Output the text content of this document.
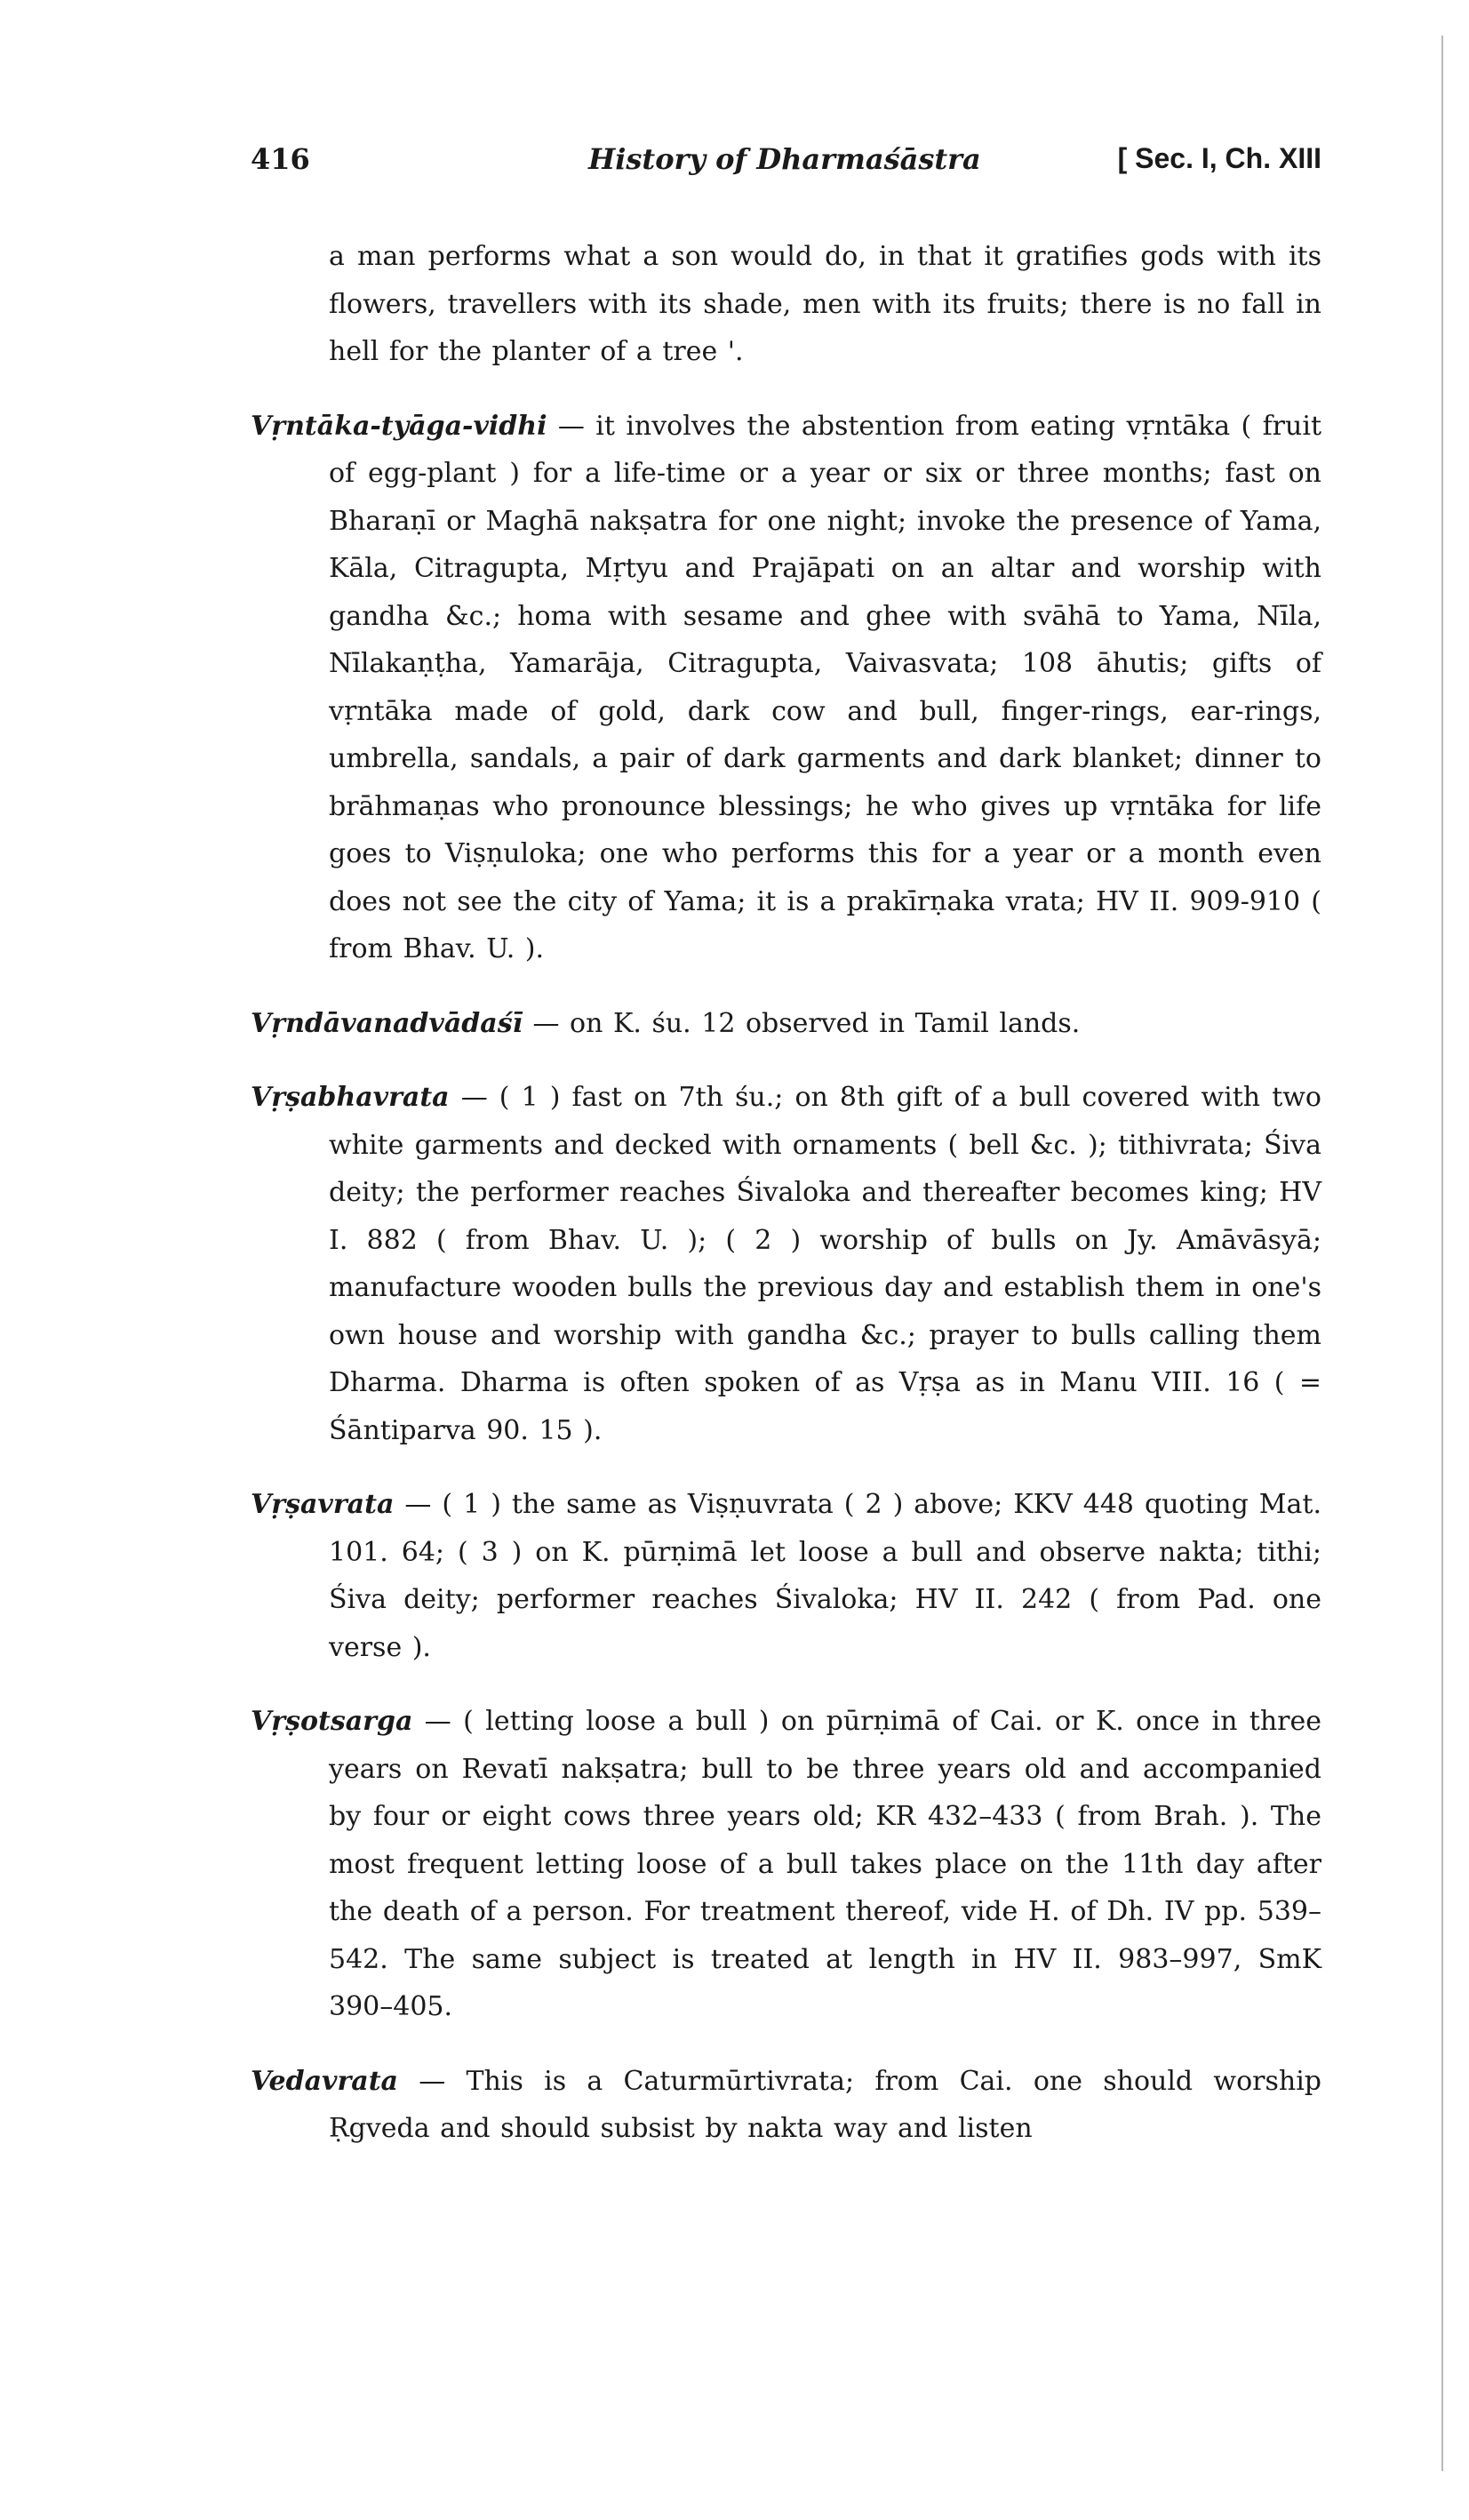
416	History of Dharmaśāstra	[ Sec. I, Ch. XIII

a man performs what a son would do, in that it gratifies gods with its flowers, travellers with its shade, men with its fruits; there is no fall in hell for the planter of a tree '.

Vṛntāka-tyāga-vidhi — it involves the abstention from eating vṛntāka ( fruit of egg-plant ) for a life-time or a year or six or three months; fast on Bharaṇī or Maghā nakṣatra for one night; invoke the presence of Yama, Kāla, Citragupta, Mṛtyu and Prajāpati on an altar and worship with gandha &c.; homa with sesame and ghee with svāhā to Yama, Nīla, Nīlakaṇṭha, Yamarāja, Citragupta, Vaivasvata; 108 āhutis; gifts of vṛntāka made of gold, dark cow and bull, finger-rings, ear-rings, umbrella, sandals, a pair of dark garments and dark blanket; dinner to brāhmaṇas who pronounce blessings; he who gives up vṛntāka for life goes to Viṣṇuloka; one who performs this for a year or a month even does not see the city of Yama; it is a prakīrṇaka vrata; HV II. 909-910 ( from Bhav. U. ).

Vṛndāvanadvādaśī — on K. śu. 12 observed in Tamil lands.

Vṛṣabhavrata — ( 1 ) fast on 7th śu.; on 8th gift of a bull covered with two white garments and decked with ornaments ( bell &c. ); tithivrata; Śiva deity; the performer reaches Śivaloka and thereafter becomes king; HV I. 882 ( from Bhav. U. ); ( 2 ) worship of bulls on Jy. Amāvāsyā; manufacture wooden bulls the previous day and establish them in one's own house and worship with gandha &c.; prayer to bulls calling them Dharma. Dharma is often spoken of as Vṛṣa as in Manu VIII. 16 ( = Śāntiparva 90. 15 ).

Vṛṣavrata — ( 1 ) the same as Viṣṇuvrata ( 2 ) above; KKV 448 quoting Mat. 101. 64; ( 3 ) on K. pūrṇimā let loose a bull and observe nakta; tithi; Śiva deity; performer reaches Śivaloka; HV II. 242 ( from Pad. one verse ).

Vṛṣotsarga — ( letting loose a bull ) on pūrṇimā of Cai. or K. once in three years on Revatī nakṣatra; bull to be three years old and accompanied by four or eight cows three years old; KR 432–433 ( from Brah. ). The most frequent letting loose of a bull takes place on the 11th day after the death of a person. For treatment thereof, vide H. of Dh. IV pp. 539–542. The same subject is treated at length in HV II. 983–997, SmK 390–405.

Vedavrata — This is a Caturmūrtivrata; from Cai. one should worship Ṛgveda and should subsist by nakta way and listen
